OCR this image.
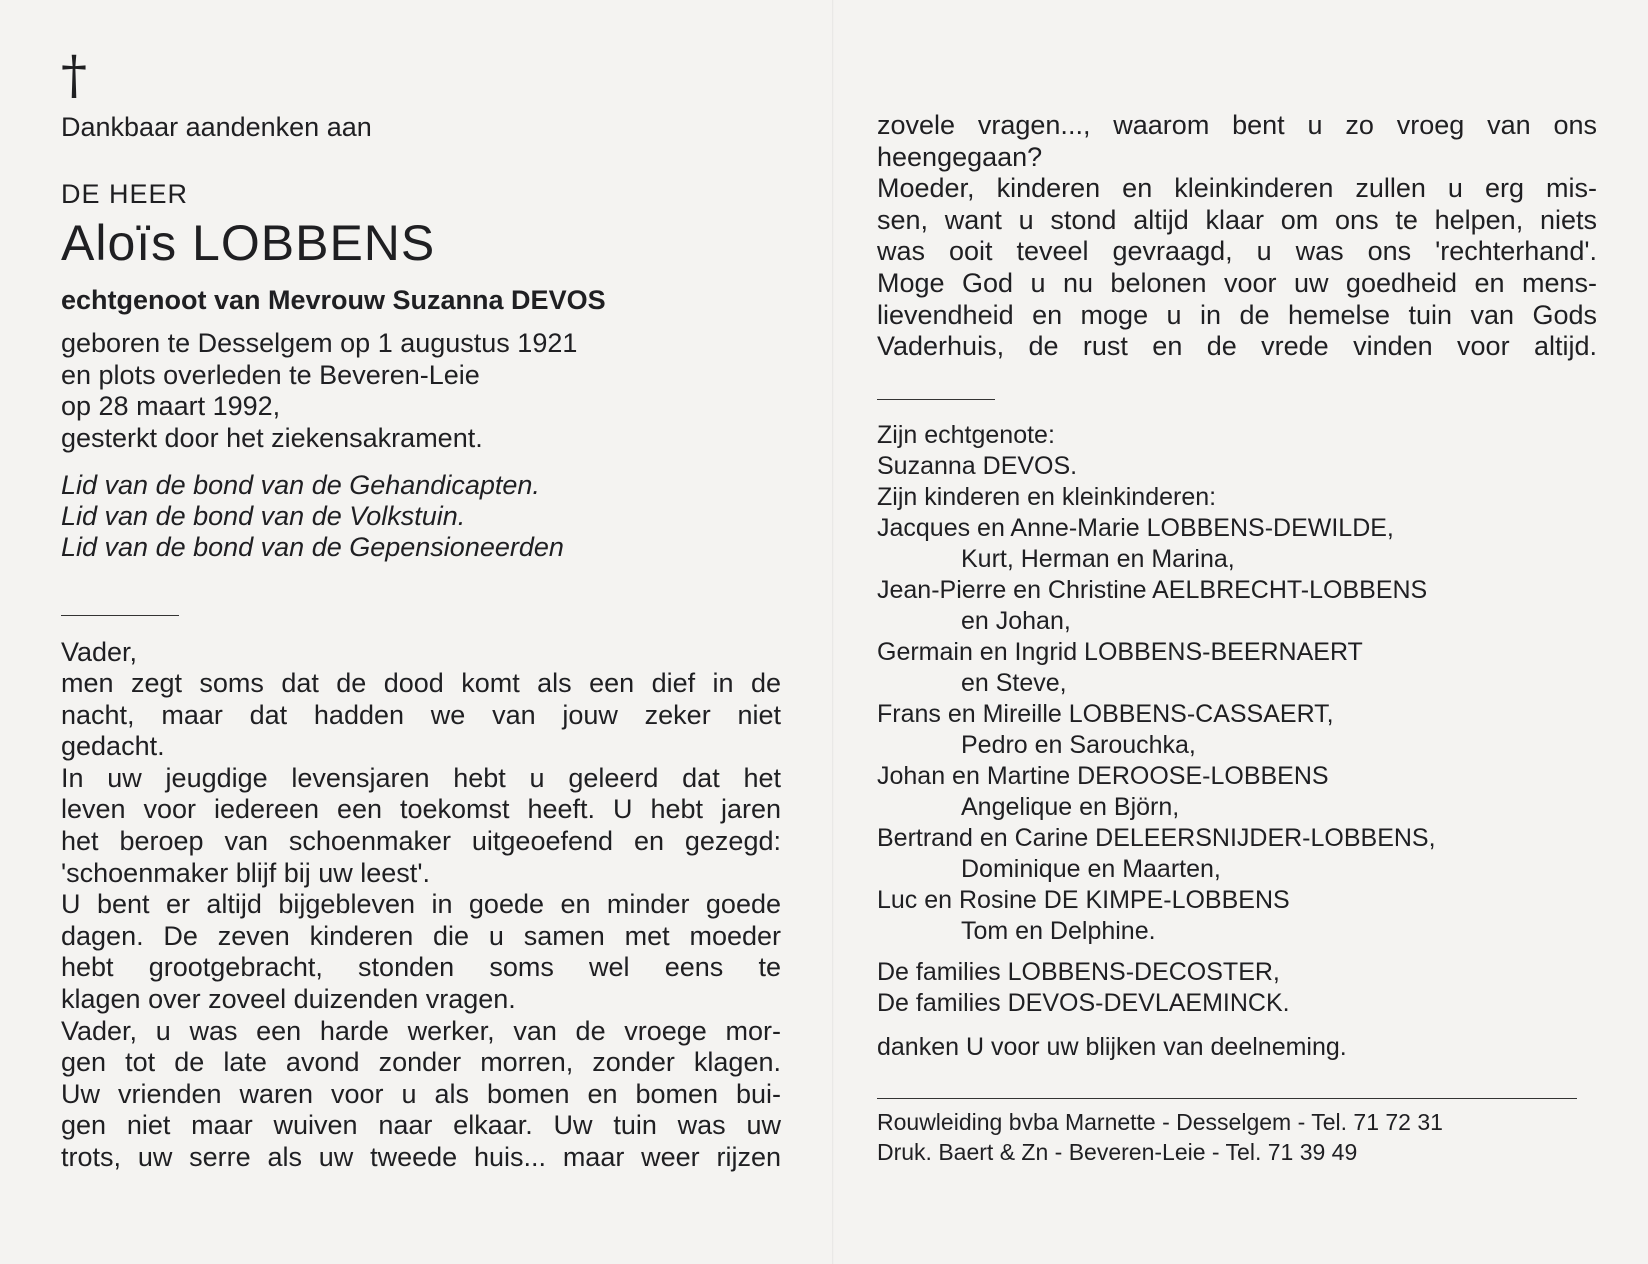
†
Dankbaar aandenken aan
DE HEER
Aloïs LOBBENS
echtgenoot van Mevrouw Suzanna DEVOS
geboren te Desselgem op 1 augustus 1921
en plots overleden te Beveren-Leie
op 28 maart 1992,
gesterkt door het ziekensakrament.
Lid van de bond van de Gehandicapten.
Lid van de bond van de Volkstuin.
Lid van de bond van de Gepensioneerden
Vader,
men zegt soms dat de dood komt als een dief in de
nacht, maar dat hadden we van jouw zeker niet
gedacht.
In uw jeugdige levensjaren hebt u geleerd dat het
leven voor iedereen een toekomst heeft. U hebt jaren
het beroep van schoenmaker uitgeoefend en gezegd:
'schoenmaker blijf bij uw leest'.
U bent er altijd bijgebleven in goede en minder goede
dagen. De zeven kinderen die u samen met moeder
hebt grootgebracht, stonden soms wel eens te
klagen over zoveel duizenden vragen.
Vader, u was een harde werker, van de vroege mor-
gen tot de late avond zonder morren, zonder klagen.
Uw vrienden waren voor u als bomen en bomen bui-
gen niet maar wuiven naar elkaar. Uw tuin was uw
trots, uw serre als uw tweede huis... maar weer rijzen
zovele vragen..., waarom bent u zo vroeg van ons
heengegaan?
Moeder, kinderen en kleinkinderen zullen u erg mis-
sen, want u stond altijd klaar om ons te helpen, niets
was ooit teveel gevraagd, u was ons 'rechterhand'.
Moge God u nu belonen voor uw goedheid en mens-
lievendheid en moge u in de hemelse tuin van Gods
Vaderhuis, de rust en de vrede vinden voor altijd.
Zijn echtgenote:
Suzanna DEVOS.
Zijn kinderen en kleinkinderen:
Jacques en Anne-Marie LOBBENS-DEWILDE,
Kurt, Herman en Marina,
Jean-Pierre en Christine AELBRECHT-LOBBENS
en Johan,
Germain en Ingrid LOBBENS-BEERNAERT
en Steve,
Frans en Mireille LOBBENS-CASSAERT,
Pedro en Sarouchka,
Johan en Martine DEROOSE-LOBBENS
Angelique en Björn,
Bertrand en Carine DELEERSNIJDER-LOBBENS,
Dominique en Maarten,
Luc en Rosine DE KIMPE-LOBBENS
Tom en Delphine.
De families LOBBENS-DECOSTER,
De families DEVOS-DEVLAEMINCK.
danken U voor uw blijken van deelneming.
Rouwleiding bvba Marnette - Desselgem - Tel. 71 72 31
Druk. Baert & Zn - Beveren-Leie - Tel. 71 39 49
